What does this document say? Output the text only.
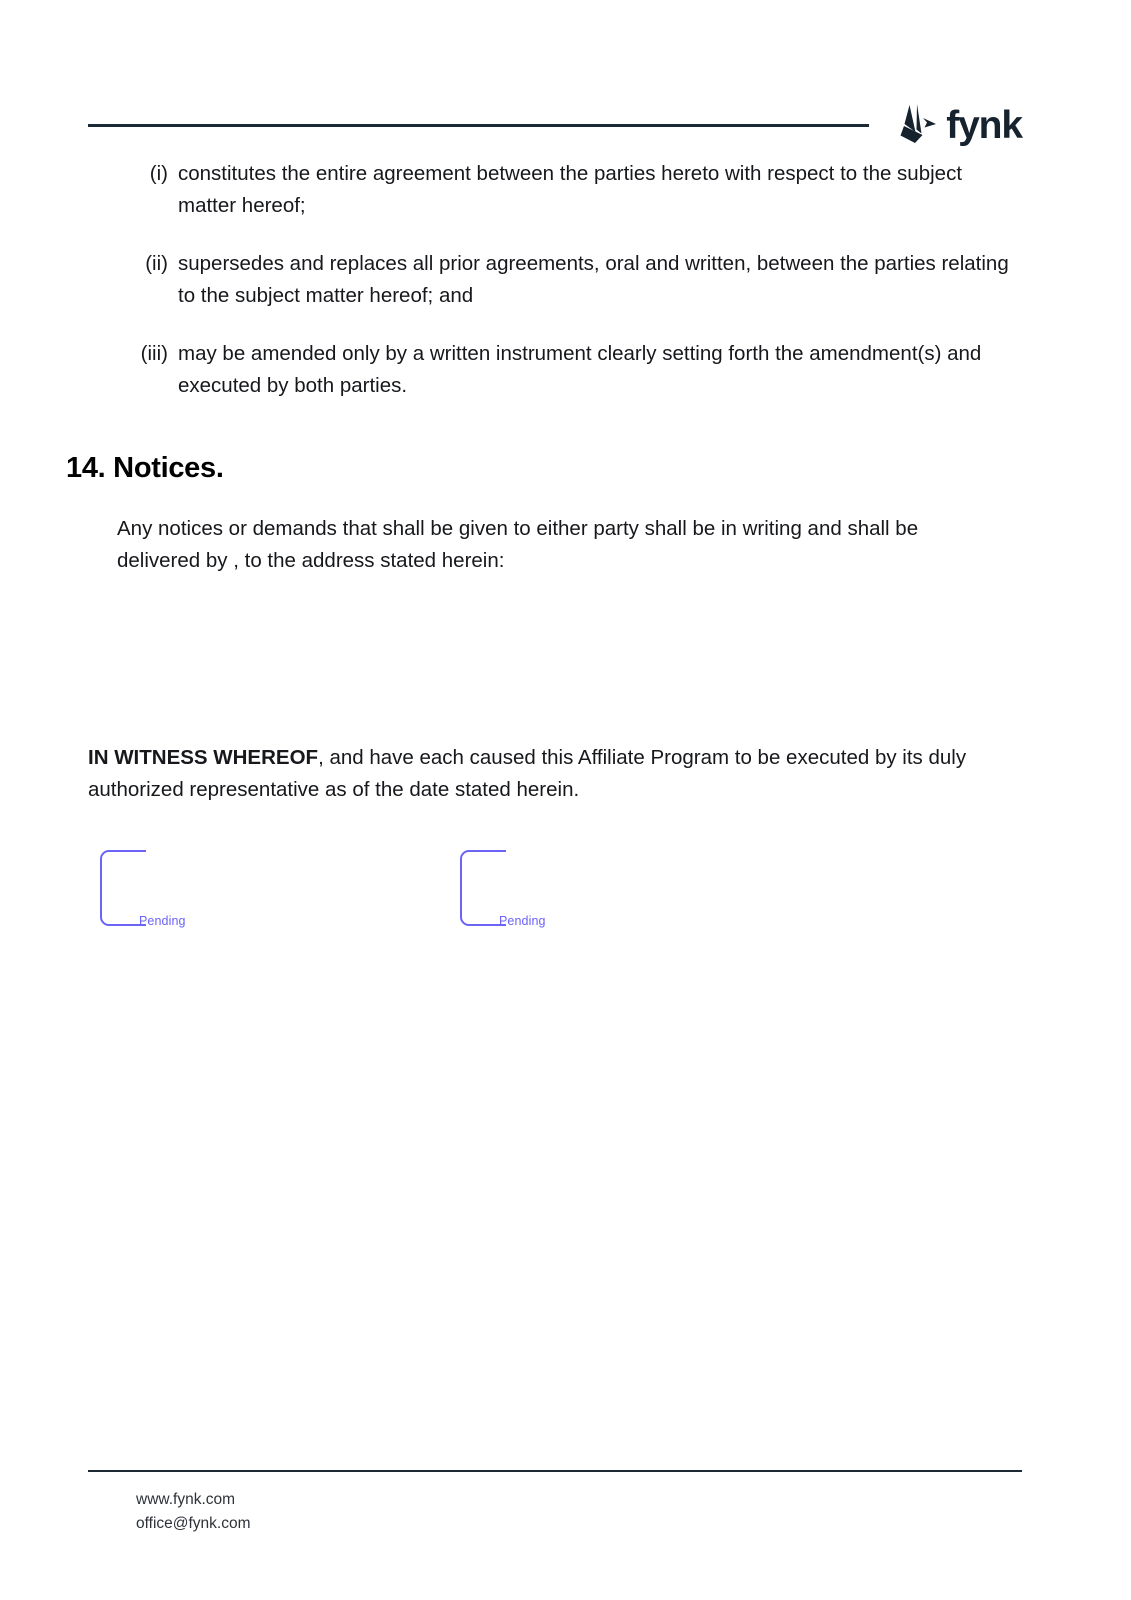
fynk
(i) constitutes the entire agreement between the parties hereto with respect to the subject matter hereof;
(ii) supersedes and replaces all prior agreements, oral and written, between the parties relating to the subject matter hereof; and
(iii) may be amended only by a written instrument clearly setting forth the amendment(s) and executed by both parties.
14. Notices.

Any notices or demands that shall be given to either party shall be in writing and shall be delivered by , to the address stated herein:

IN WITNESS WHEREOF, and have each caused this Affiliate Program to be executed by its duly authorized representative as of the date stated herein.

Pending	Pending
www.fynk.com
office@fynk.com
